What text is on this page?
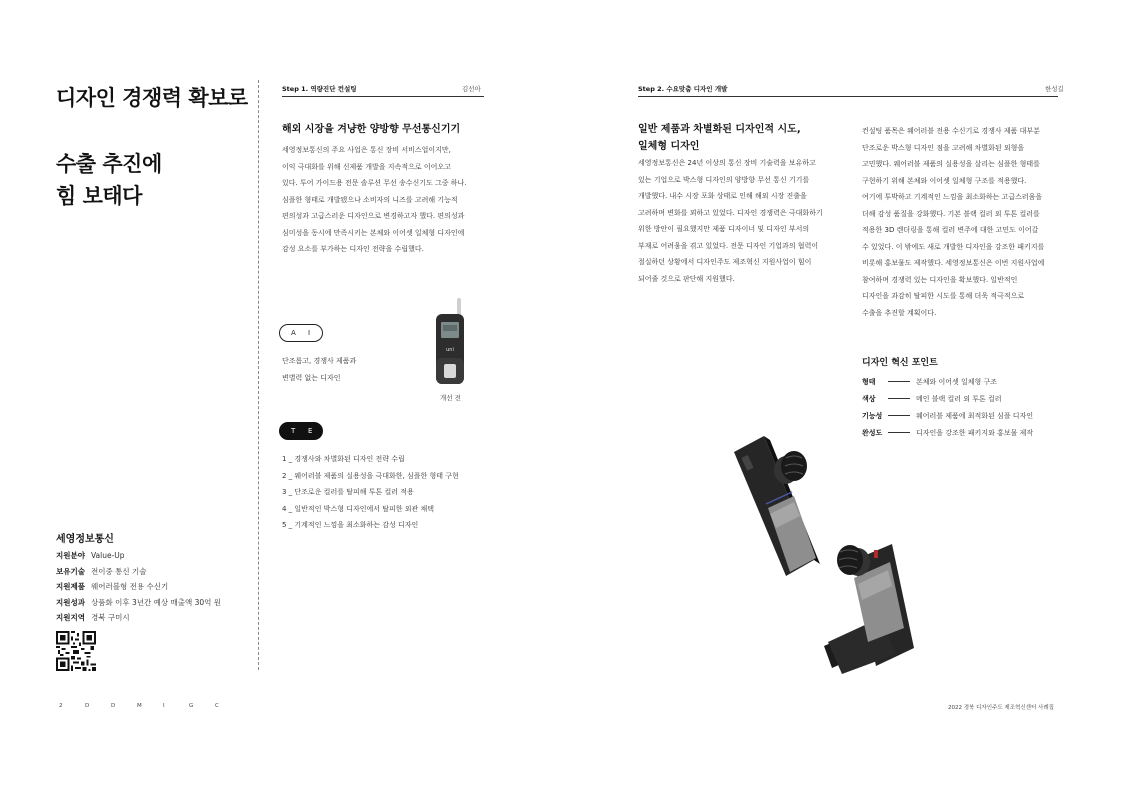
디자인 경쟁력 확보로
수출 추진에
힘 보태다
세영정보통신
지원분야 Value-Up
보유기술 전이중 통신 기술
지원제품 웨어러블형 전용 수신기
지원성과 상품화 이후 3년간 예상 매출액 30억 원
지원지역 경북 구미시
Step 1. 역량진단 컨설팅	김선아
해외 시장을 겨냥한 양방향 무선통신기기
세영정보통신의 주요 사업은 통신 장비 서비스업이지만,
이익 극대화를 위해 신제품 개발을 지속적으로 이어오고
있다. 투어 가이드용 전문 솔루션 무선 송수신기도 그중 하나.
심플한 형태로 개발됐으나 소비자의 니즈를 고려해 기능적
편의성과 고급스러운 디자인으로 변경하고자 했다. 편의성과
심미성을 동시에 만족시키는 본체와 이어셋 일체형 디자인에
감성 요소를 부가하는 디자인 전략을 수립했다.
A I
단조롭고, 경쟁사 제품과
변별력 없는 디자인
uni
개선 전
T E
1 _ 경쟁사와 차별화된 디자인 전략 수립
2 _ 웨어러블 제품의 실용성을 극대화한, 심플한 형태 구현
3 _ 단조로운 컬러를 탈피해 투톤 컬러 적용
4 _ 일반적인 박스형 디자인에서 탈피한 외관 채택
5 _ 기계적인 느낌을 최소화하는 감성 디자인
Step 2. 수요맞춤 디자인 개발	한성길
일반 제품과 차별화된 디자인적 시도,
일체형 디자인
세영정보통신은 24년 이상의 통신 장비 기술력을 보유하고
있는 기업으로 박스형 디자인의 양방향 무선 통신 기기를
개발했다. 내수 시장 포화 상태로 인해 해외 시장 진출을
고려하며 변화를 꾀하고 있었다. 디자인 경쟁력은 극대화하기
위한 방안이 필요했지만 제품 디자이너 및 디자인 부서의
부재로 어려움을 겪고 있었다. 전문 디자인 기업과의 협력이
절실하던 상황에서 디자인주도 제조혁신 지원사업이 힘이
되어줄 것으로 판단해 지원했다.
컨설팅 품목은 웨어러블 전용 수신기로 경쟁사 제품 대부분
단조로운 박스형 디자인 점을 고려해 차별화된 외형을
고민했다. 웨어러블 제품의 실용성을 살리는 심플한 형태를
구현하기 위해 본체와 이어셋 일체형 구조를 적용했다.
여기에 투박하고 기계적인 느낌을 최소화하는 고급스러움을
더해 감성 품질을 강화했다. 기본 블랙 컬러 외 투톤 컬러를
적용한 3D 렌더링을 통해 컬러 변주에 대한 고민도 이어갈
수 있었다. 이 밖에도 새로 개발한 디자인을 강조한 패키지를
비롯해 홍보물도 제작했다. 세영정보통신은 이번 지원사업에
참여하며 경쟁력 있는 디자인을 확보했다. 일반적인
디자인을 과감히 탈피한 시도를 통해 더욱 적극적으로
수출을 추진할 계획이다.
디자인 혁신 포인트
형태	본체와 이어셋 일체형 구조
색상	메인 블랙 컬러 외 투톤 컬러
기능성	웨어러블 제품에 최적화된 심플 디자인
완성도	디자인을 강조한 패키지와 홍보물 제작
2	D	D	M	I	G	C	2022 경북 디자인주도 제조혁신센터 사례집
